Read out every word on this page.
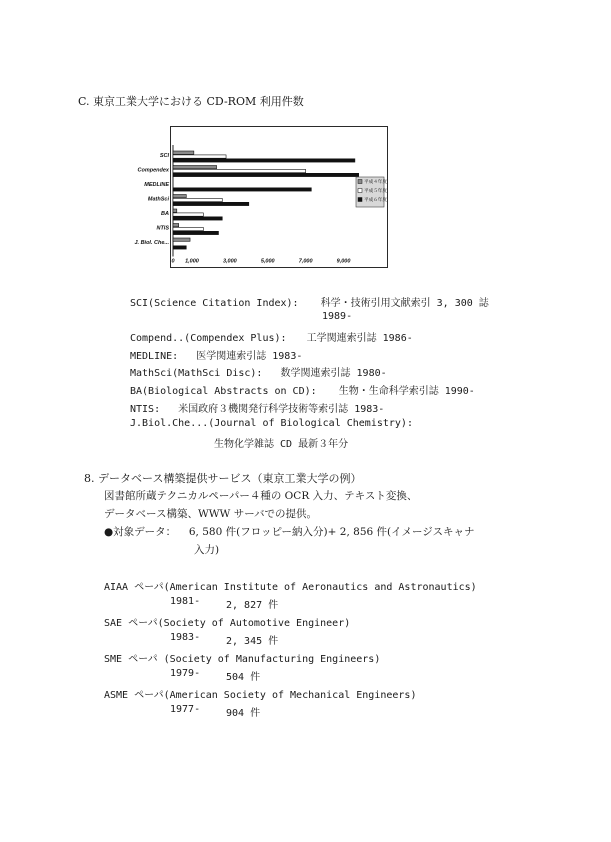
C. 東京工業大学における CD-ROM 利用件数
SCI
Compendex
MEDLINE
MathSci
BA
NTIS
J. Biol. Che...
0 1,000	3,000	5,000	7,000	9,000
平成４年度
平成５年度
平成６年度
SCI(Science Citation Index): 科学・技術引用文献索引 3, 300 誌
1989-
Compend..(Compendex Plus): 工学関連索引誌 1986-
MEDLINE: 医学関連索引誌 1983-
MathSci(MathSci Disc): 数学関連索引誌 1980-
BA(Biological Abstracts on CD): 生物・生命科学索引誌 1990-
NTIS: 米国政府３機関発行科学技術等索引誌 1983-
J.Biol.Che...(Journal of Biological Chemistry):
生物化学雑誌 CD 最新３年分
8. データベース構築提供サービス（東京工業大学の例）
図書館所蔵テクニカルペーパー４種の OCR 入力、テキスト変換、
データベース構築、WWW サーバでの提供。
●対象データ： 6, 580 件(フロッピー納入分)+ 2, 856 件(イメージスキャナ
入力)
AIAA ペーパ(American Institute of Aeronautics and Astronautics)
1981-	2, 827 件
SAE ペーパ(Society of Automotive Engineer)
1983-	2, 345 件
SME ペーパ (Society of Manufacturing Engineers)
1979-	504 件
ASME ペーパ(American Society of Mechanical Engineers)
1977-	904 件
